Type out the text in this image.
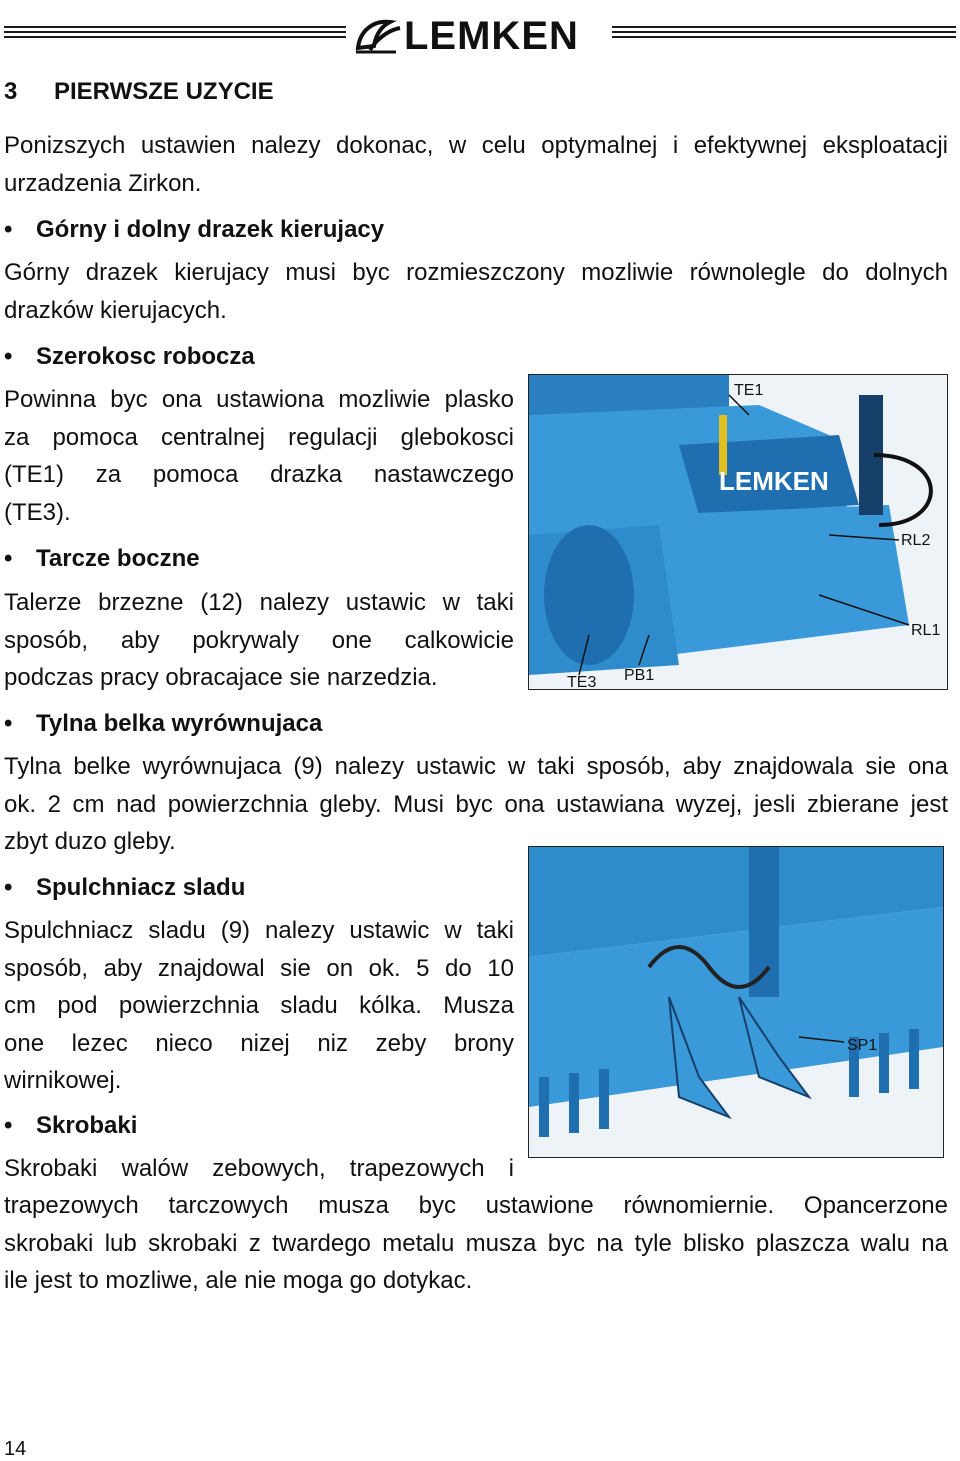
LEMKEN
3 PIERWSZE UZYCIE

Ponizszych ustawien nalezy dokonac, w celu optymalnej i efektywnej eksploatacji

urzadzenia Zirkon.

• Górny i dolny drazek kierujacy

Górny drazek kierujacy musi byc rozmieszczony mozliwie równolegle do dolnych

drazków kierujacych.

• Szerokosc robocza

Powinna byc ona ustawiona mozliwie plasko

za pomoca centralnej regulacji glebokosci

(TE1) za pomoca drazka nastawczego

(TE3).

• Tarcze boczne

Talerze brzezne (12) nalezy ustawic w taki

sposób, aby pokrywaly one calkowicie

podczas pracy obracajace sie narzedzia.

LEMKEN
TE1
RL2
RL1
TE3 PB1
• Tylna belka wyrównujaca

Tylna belke wyrównujaca (9) nalezy ustawic w taki sposób, aby znajdowala sie ona

ok. 2 cm nad powierzchnia gleby. Musi byc ona ustawiana wyzej, jesli zbierane jest

zbyt duzo gleby.

• Spulchniacz sladu

Spulchniacz sladu (9) nalezy ustawic w taki

sposób, aby znajdowal sie on ok. 5 do 10

cm pod powierzchnia sladu kólka. Musza

one lezec nieco nizej niz zeby brony

wirnikowej.

SP1
• Skrobaki

Skrobaki walów zebowych, trapezowych i

trapezowych tarczowych musza byc ustawione równomiernie. Opancerzone

skrobaki lub skrobaki z twardego metalu musza byc na tyle blisko plaszcza walu na

ile jest to mozliwe, ale nie moga go dotykac.

14
